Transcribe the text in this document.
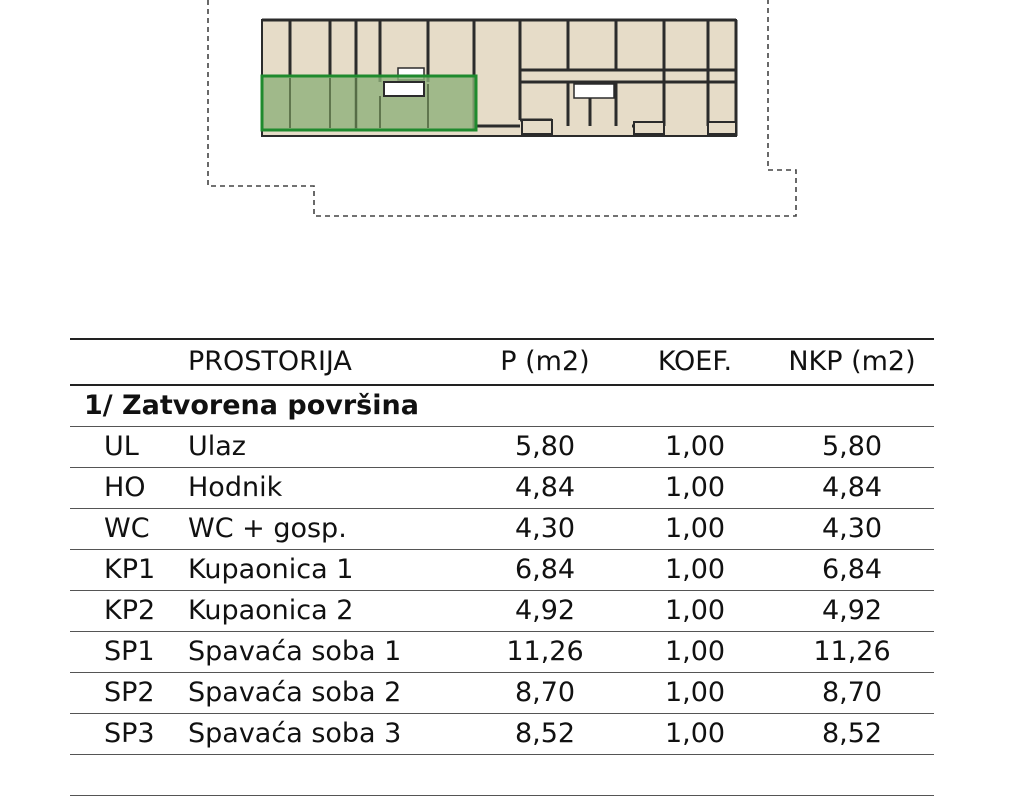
	PROSTORIJA	P (m2)	KOEF.	NKP (m2)
1/ Zatvorena površina				
UL	Ulaz	5,80	1,00	5,80
HO	Hodnik	4,84	1,00	4,84
WC	WC + gosp.	4,30	1,00	4,30
KP1	Kupaonica 1	6,84	1,00	6,84
KP2	Kupaonica 2	4,92	1,00	4,92
SP1	Spavaća soba 1	11,26	1,00	11,26
SP2	Spavaća soba 2	8,70	1,00	8,70
SP3	Spavaća soba 3	8,52	1,00	8,52
